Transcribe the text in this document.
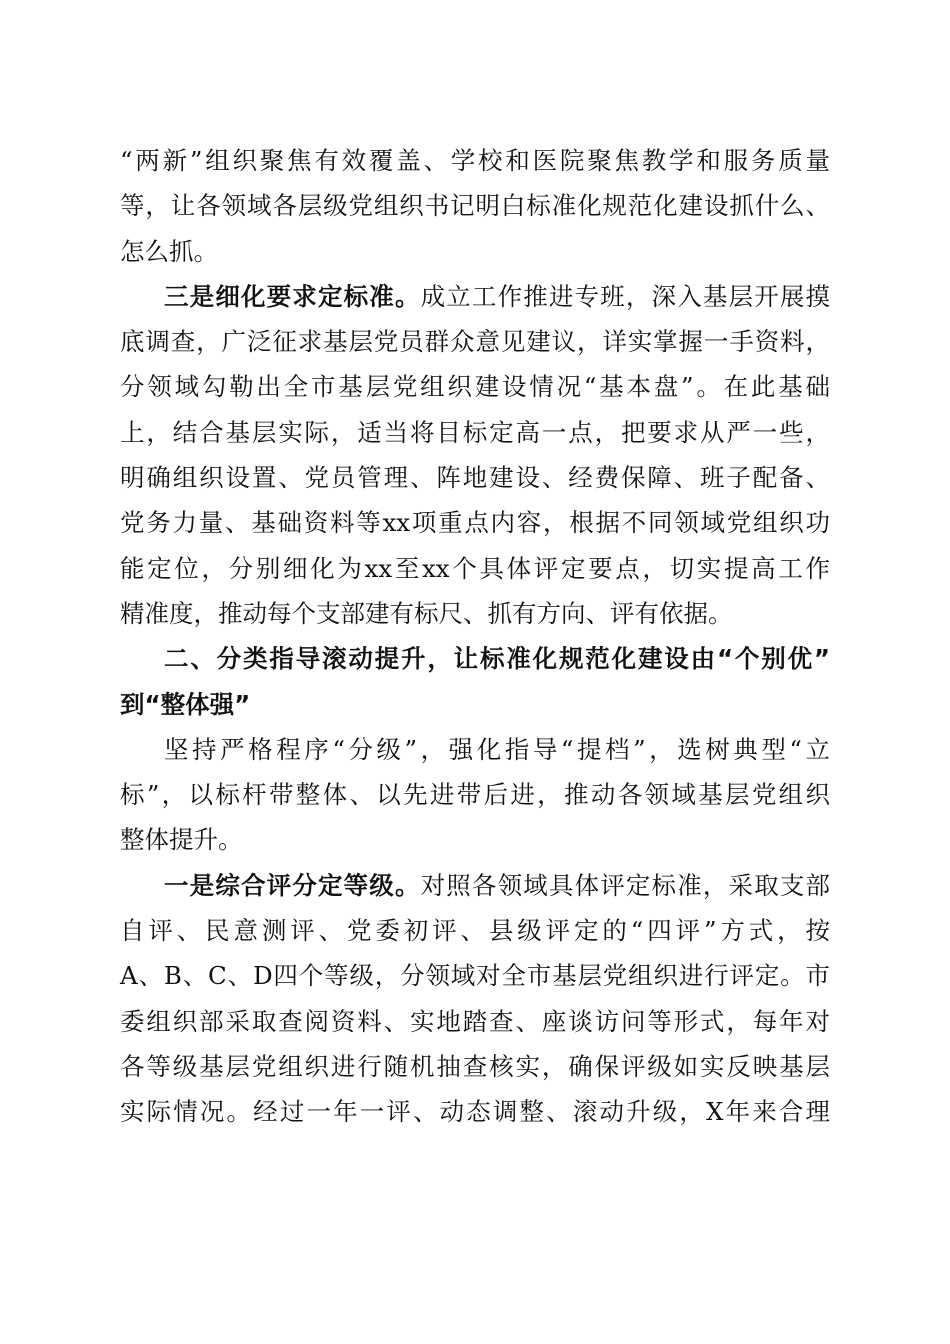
“两新”组织聚焦有效覆盖、学校和医院聚焦教学和服务质量
等，让各领域各层级党组织书记明白标准化规范化建设抓什么、
怎么抓。
三是细化要求定标准。成立工作推进专班，深入基层开展摸
底调查，广泛征求基层党员群众意见建议，详实掌握一手资料，
分领域勾勒出全市基层党组织建设情况“基本盘”。在此基础
上，结合基层实际，适当将目标定高一点，把要求从严一些，
明确组织设置、党员管理、阵地建设、经费保障、班子配备、
党务力量、基础资料等xx项重点内容，根据不同领域党组织功
能定位，分别细化为xx至xx个具体评定要点，切实提高工作
精准度，推动每个支部建有标尺、抓有方向、评有依据。
二、分类指导滚动提升，让标准化规范化建设由“个别优”
到“整体强”
坚持严格程序“分级”，强化指导“提档”，选树典型“立
标”，以标杆带整体、以先进带后进，推动各领域基层党组织
整体提升。
一是综合评分定等级。对照各领域具体评定标准，采取支部
自评、民意测评、党委初评、县级评定的“四评”方式，按
A、B、C、D四个等级，分领域对全市基层党组织进行评定。市
委组织部采取查阅资料、实地踏查、座谈访问等形式，每年对
各等级基层党组织进行随机抽查核实，确保评级如实反映基层
实际情况。经过一年一评、动态调整、滚动升级，X年来合理
